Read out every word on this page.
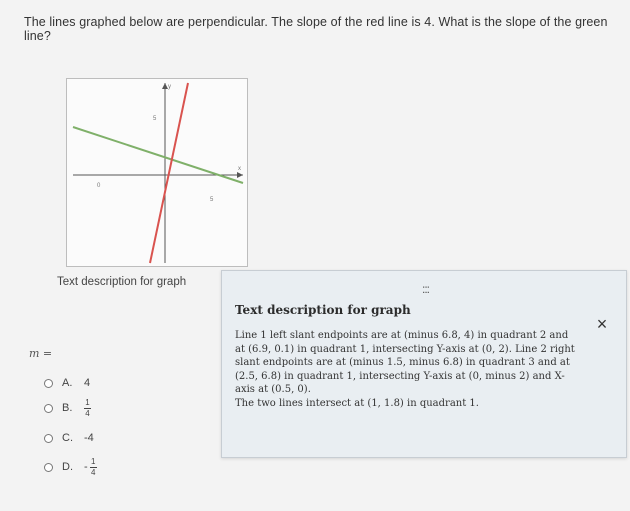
The lines graphed below are perpendicular. The slope of the red line is 4. What is the slope of the green line?
y
x
5
0
5
Text description for graph
m =
A.	4
B.	$\frac{1}{4}$
C.	-4
D.	- $\frac{1}{4}$
:::
Text description for graph
×

Line 1 left slant endpoints are at (minus 6.8, 4) in quadrant 2 and at (6.9, 0.1) in quadrant 1, intersecting Y-axis at (0, 2). Line 2 right slant endpoints are at (minus 1.5, minus 6.8) in quadrant 3 and at (2.5, 6.8) in quadrant 1, intersecting Y-axis at (0, minus 2) and X-axis at (0.5, 0).

The two lines intersect at (1, 1.8) in quadrant 1.
